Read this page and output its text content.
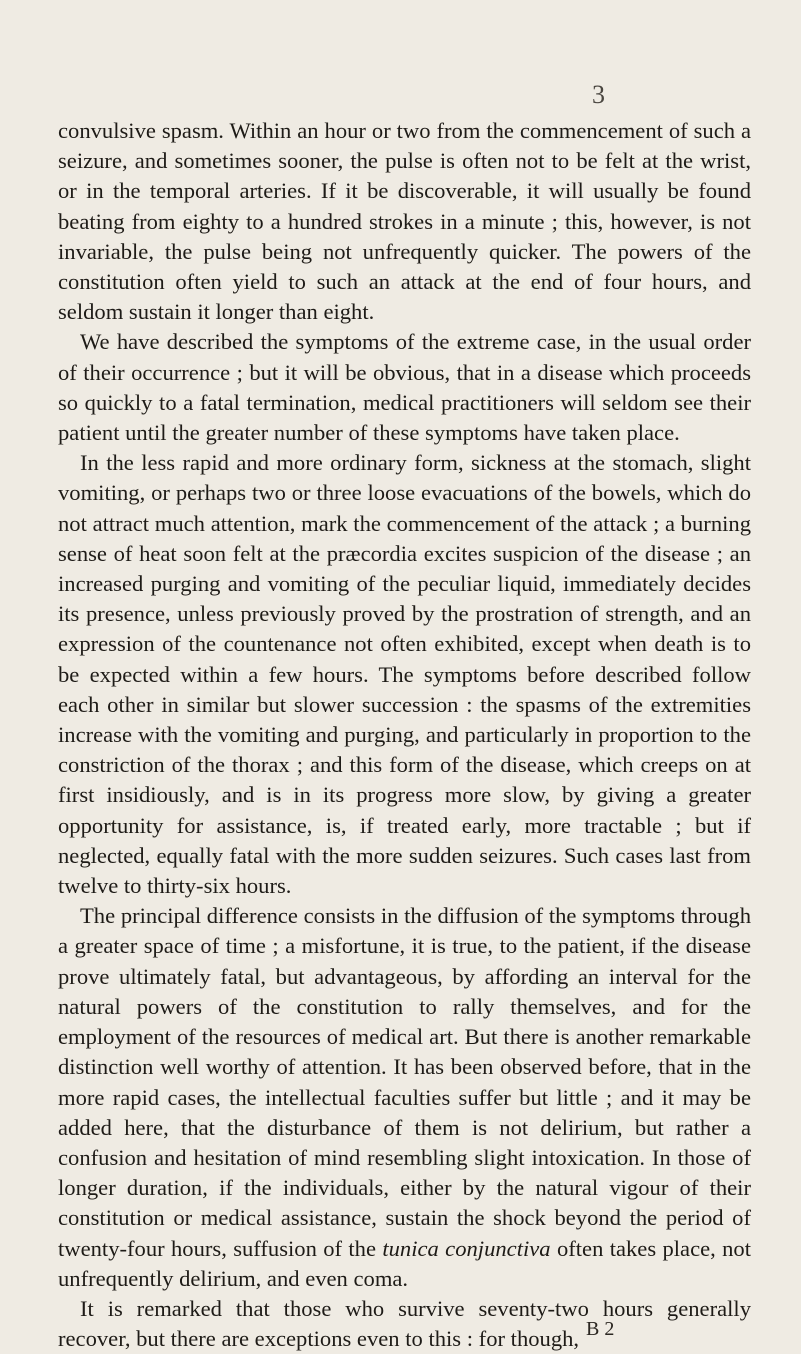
3

convulsive spasm. Within an hour or two from the commencement of such a seizure, and sometimes sooner, the pulse is often not to be felt at the wrist, or in the temporal arteries. If it be discoverable, it will usually be found beating from eighty to a hundred strokes in a minute ; this, however, is not invariable, the pulse being not unfrequently quicker. The powers of the constitution often yield to such an attack at the end of four hours, and seldom sustain it longer than eight.

We have described the symptoms of the extreme case, in the usual order of their occurrence ; but it will be obvious, that in a disease which proceeds so quickly to a fatal termination, medical practitioners will seldom see their patient until the greater number of these symptoms have taken place.

In the less rapid and more ordinary form, sickness at the stomach, slight vomiting, or perhaps two or three loose evacuations of the bowels, which do not attract much attention, mark the commencement of the attack ; a burning sense of heat soon felt at the præcordia excites suspicion of the disease ; an increased purging and vomiting of the peculiar liquid, immediately decides its presence, unless previously proved by the prostration of strength, and an expression of the countenance not often exhibited, except when death is to be expected within a few hours. The symptoms before described follow each other in similar but slower succession : the spasms of the extremities increase with the vomiting and purging, and particularly in proportion to the constriction of the thorax ; and this form of the disease, which creeps on at first insidiously, and is in its progress more slow, by giving a greater opportunity for assistance, is, if treated early, more tractable ; but if neglected, equally fatal with the more sudden seizures. Such cases last from twelve to thirty-six hours.

The principal difference consists in the diffusion of the symptoms through a greater space of time ; a misfortune, it is true, to the patient, if the disease prove ultimately fatal, but advantageous, by affording an interval for the natural powers of the constitution to rally themselves, and for the employment of the resources of medical art. But there is another remarkable distinction well worthy of attention. It has been observed before, that in the more rapid cases, the intellectual faculties suffer but little ; and it may be added here, that the disturbance of them is not delirium, but rather a confusion and hesitation of mind resembling slight intoxication. In those of longer duration, if the individuals, either by the natural vigour of their constitution or medical assistance, sustain the shock beyond the period of twenty-four hours, suffusion of the tunica conjunctiva often takes place, not unfrequently delirium, and even coma.

It is remarked that those who survive seventy-two hours generally recover, but there are exceptions even to this : for though, B 2
